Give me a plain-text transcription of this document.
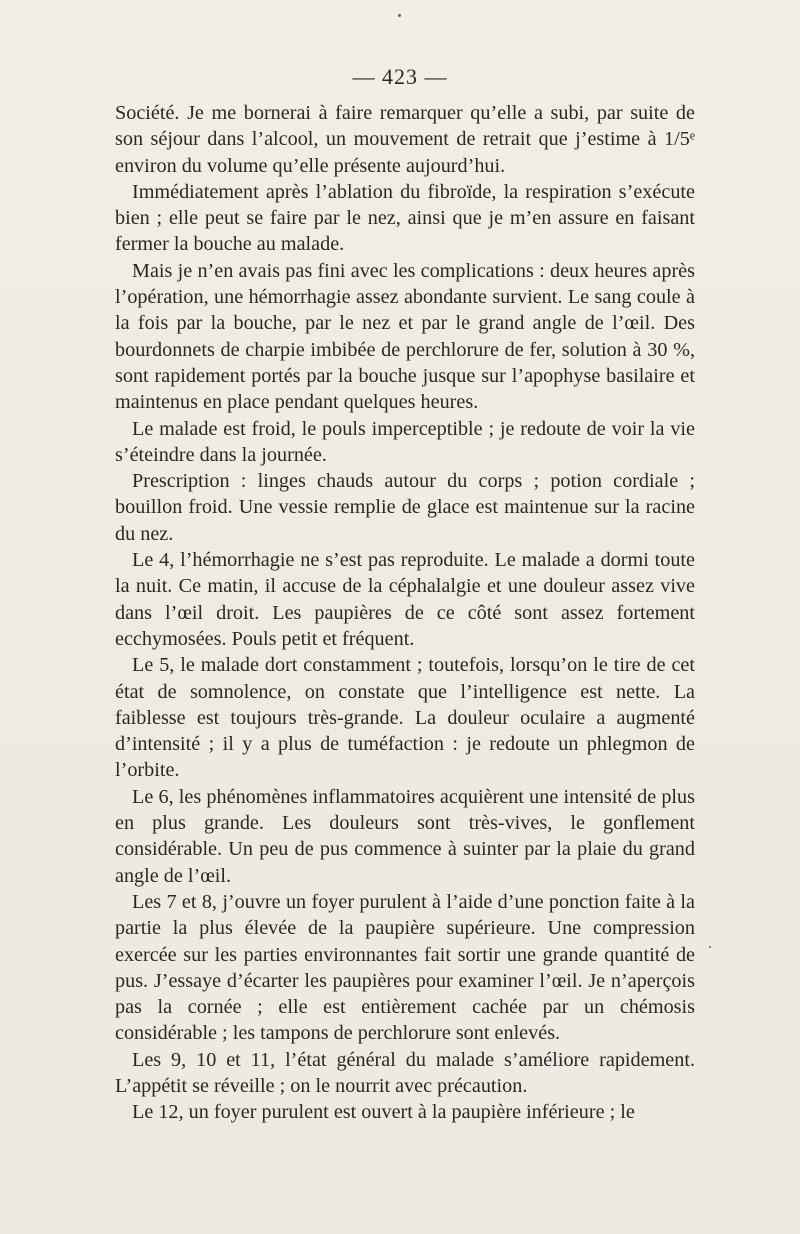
— 423 —

Société. Je me bornerai à faire remarquer qu’elle a subi, par suite de son séjour dans l’alcool, un mouvement de retrait que j’estime à 1/5ᵉ environ du volume qu’elle présente aujourd’hui.

Immédiatement après l’ablation du fibroïde, la respiration s’exécute bien ; elle peut se faire par le nez, ainsi que je m’en assure en faisant fermer la bouche au malade.

Mais je n’en avais pas fini avec les complications : deux heures après l’opération, une hémorrhagie assez abondante survient. Le sang coule à la fois par la bouche, par le nez et par le grand angle de l’œil. Des bourdonnets de charpie imbibée de perchlorure de fer, solution à 30 %, sont rapidement portés par la bouche jusque sur l’apophyse basilaire et maintenus en place pendant quelques heures.

Le malade est froid, le pouls imperceptible ; je redoute de voir la vie s’éteindre dans la journée.

Prescription : linges chauds autour du corps ; potion cordiale ; bouillon froid. Une vessie remplie de glace est maintenue sur la racine du nez.

Le 4, l’hémorrhagie ne s’est pas reproduite. Le malade a dormi toute la nuit. Ce matin, il accuse de la céphalalgie et une douleur assez vive dans l’œil droit. Les paupières de ce côté sont assez fortement ecchymosées. Pouls petit et fréquent.

Le 5, le malade dort constamment ; toutefois, lorsqu’on le tire de cet état de somnolence, on constate que l’intelligence est nette. La faiblesse est toujours très-grande. La douleur oculaire a augmenté d’intensité ; il y a plus de tuméfaction : je redoute un phlegmon de l’orbite.

Le 6, les phénomènes inflammatoires acquièrent une intensité de plus en plus grande. Les douleurs sont très-vives, le gonflement considérable. Un peu de pus commence à suinter par la plaie du grand angle de l’œil.

Les 7 et 8, j’ouvre un foyer purulent à l’aide d’une ponction faite à la partie la plus élevée de la paupière supérieure. Une compression exercée sur les parties environnantes fait sortir une grande quantité de pus. J’essaye d’écarter les paupières pour examiner l’œil. Je n’aperçois pas la cornée ; elle est entièrement cachée par un chémosis considérable ; les tampons de perchlorure sont enlevés.

Les 9, 10 et 11, l’état général du malade s’améliore rapidement. L’appétit se réveille ; on le nourrit avec précaution.

Le 12, un foyer purulent est ouvert à la paupière inférieure ; le
